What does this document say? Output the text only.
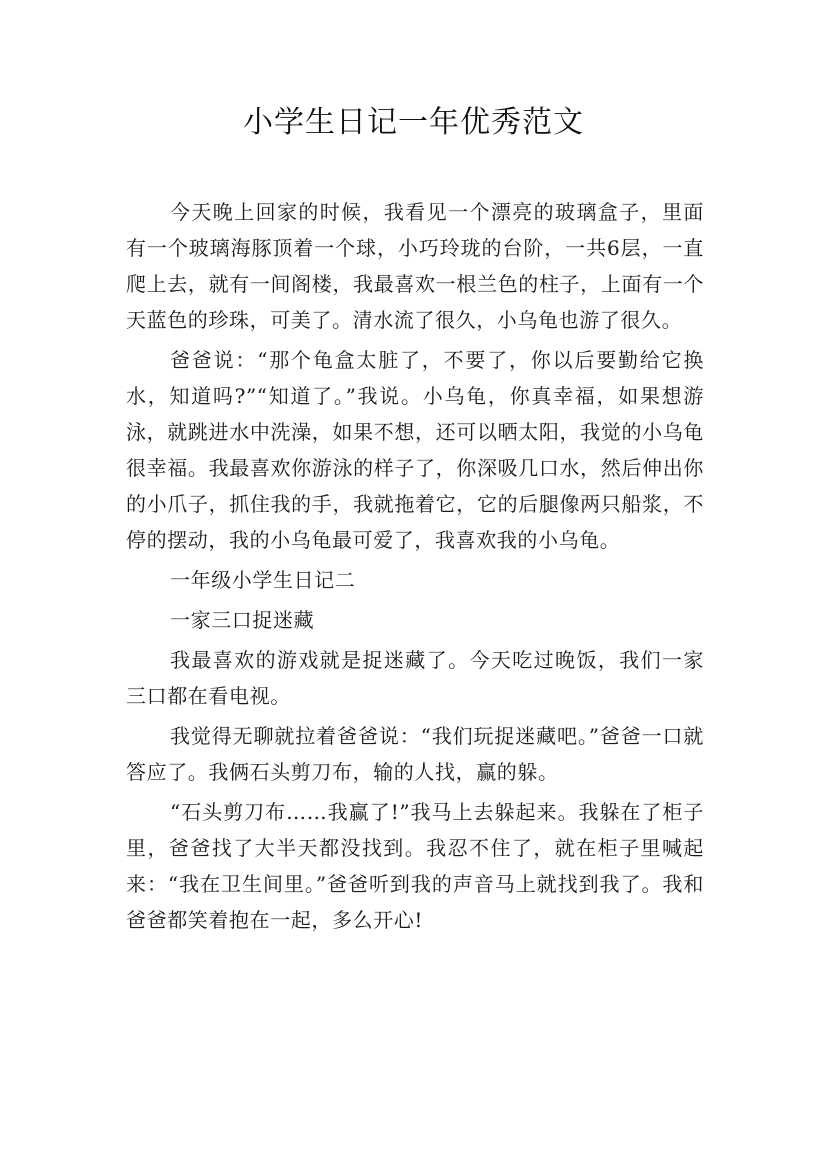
小学生日记一年优秀范文

今天晚上回家的时候，我看见一个漂亮的玻璃盒子，里面有一个玻璃海豚顶着一个球，小巧玲珑的台阶，一共6层，一直爬上去，就有一间阁楼，我最喜欢一根兰色的柱子，上面有一个天蓝色的珍珠，可美了。清水流了很久，小乌龟也游了很久。

爸爸说：“那个龟盒太脏了，不要了，你以后要勤给它换水，知道吗?”“知道了。”我说。小乌龟，你真幸福，如果想游泳，就跳进水中洗澡，如果不想，还可以晒太阳，我觉的小乌龟很幸福。我最喜欢你游泳的样子了，你深吸几口水，然后伸出你的小爪子，抓住我的手，我就拖着它，它的后腿像两只船浆，不停的摆动，我的小乌龟最可爱了，我喜欢我的小乌龟。

一年级小学生日记二

一家三口捉迷藏

我最喜欢的游戏就是捉迷藏了。今天吃过晚饭，我们一家三口都在看电视。

我觉得无聊就拉着爸爸说：“我们玩捉迷藏吧。”爸爸一口就答应了。我俩石头剪刀布，输的人找，赢的躲。

“石头剪刀布……我赢了!”我马上去躲起来。我躲在了柜子里，爸爸找了大半天都没找到。我忍不住了，就在柜子里喊起来：“我在卫生间里。”爸爸听到我的声音马上就找到我了。我和爸爸都笑着抱在一起，多么开心!
